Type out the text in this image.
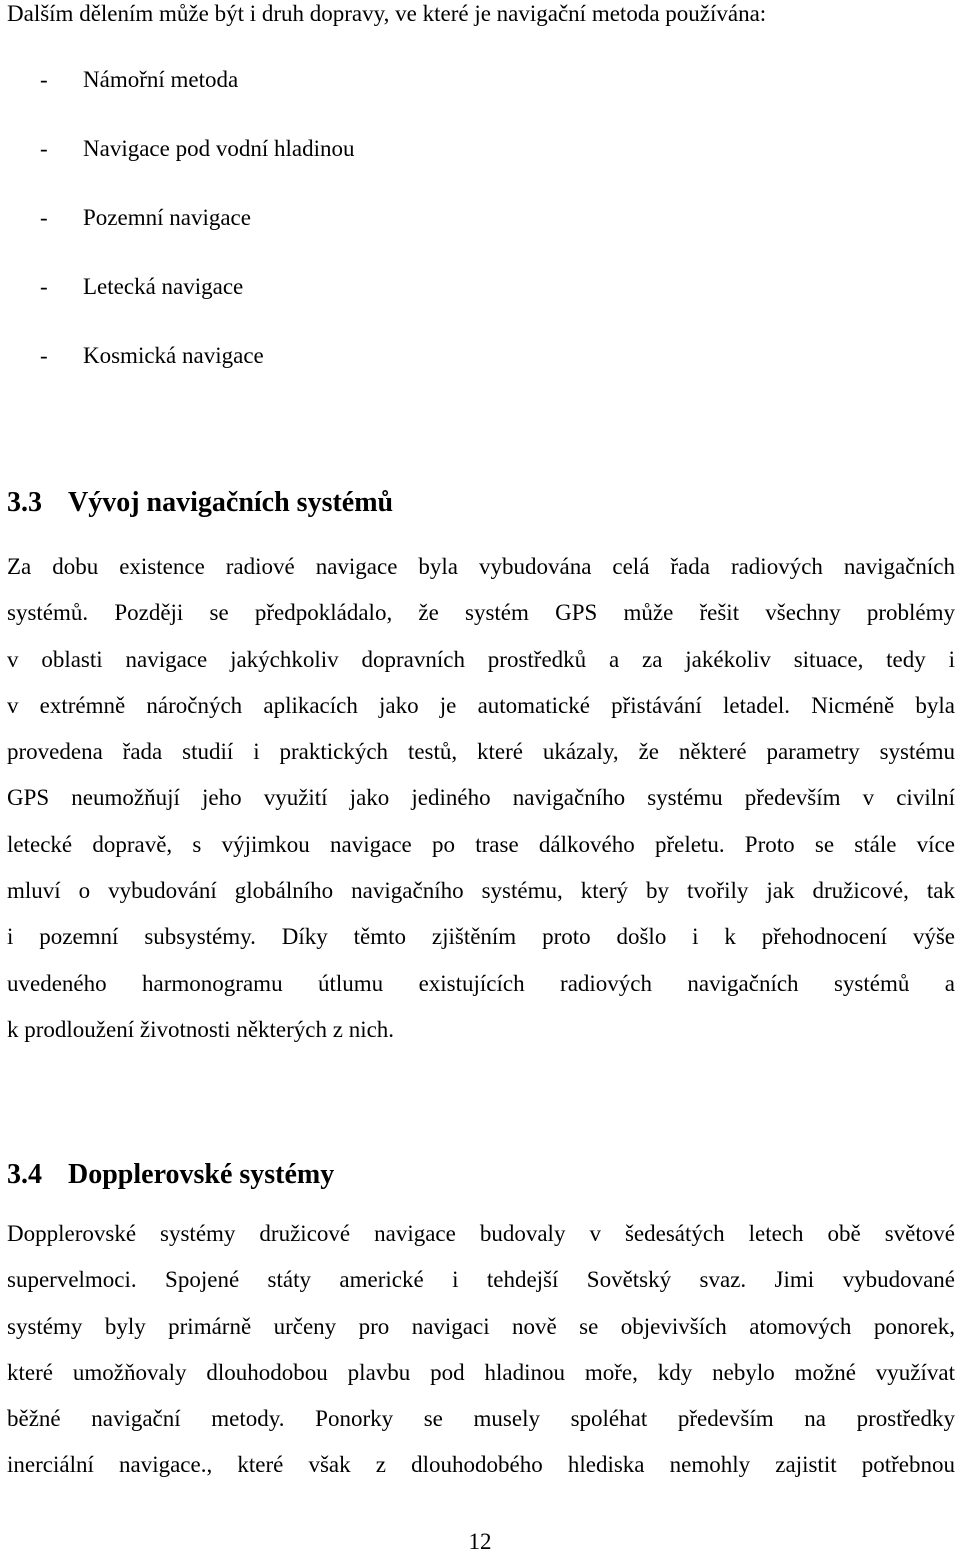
Dalším dělením může být i druh dopravy, ve které je navigační metoda používána:
- Námořní metoda
- Navigace pod vodní hladinou
- Pozemní navigace
- Letecká navigace
- Kosmická navigace
3.3 Vývoj navigačních systémů
Za dobu existence radiové navigace byla vybudována celá řada radiových navigačních
systémů. Později se předpokládalo, že systém GPS může řešit všechny problémy
v oblasti navigace jakýchkoliv dopravních prostředků a za jakékoliv situace, tedy i
v extrémně náročných aplikacích jako je automatické přistávání letadel. Nicméně byla
provedena řada studií i praktických testů, které ukázaly, že některé parametry systému
GPS neumožňují jeho využití jako jediného navigačního systému především v civilní
letecké dopravě, s výjimkou navigace po trase dálkového přeletu. Proto se stále více
mluví o vybudování globálního navigačního systému, který by tvořily jak družicové, tak
i pozemní subsystémy. Díky těmto zjištěním proto došlo i k přehodnocení výše
uvedeného harmonogramu útlumu existujících radiových navigačních systémů a
k prodloužení životnosti některých z nich.
3.4 Dopplerovské systémy
Dopplerovské systémy družicové navigace budovaly v šedesátých letech obě světové
supervelmoci. Spojené státy americké i tehdejší Sovětský svaz. Jimi vybudované
systémy byly primárně určeny pro navigaci nově se objevivších atomových ponorek,
které umožňovaly dlouhodobou plavbu pod hladinou moře, kdy nebylo možné využívat
běžné navigační metody. Ponorky se musely spoléhat především na prostředky
inerciální navigace., které však z dlouhodobého hlediska nemohly zajistit potřebnou
12
